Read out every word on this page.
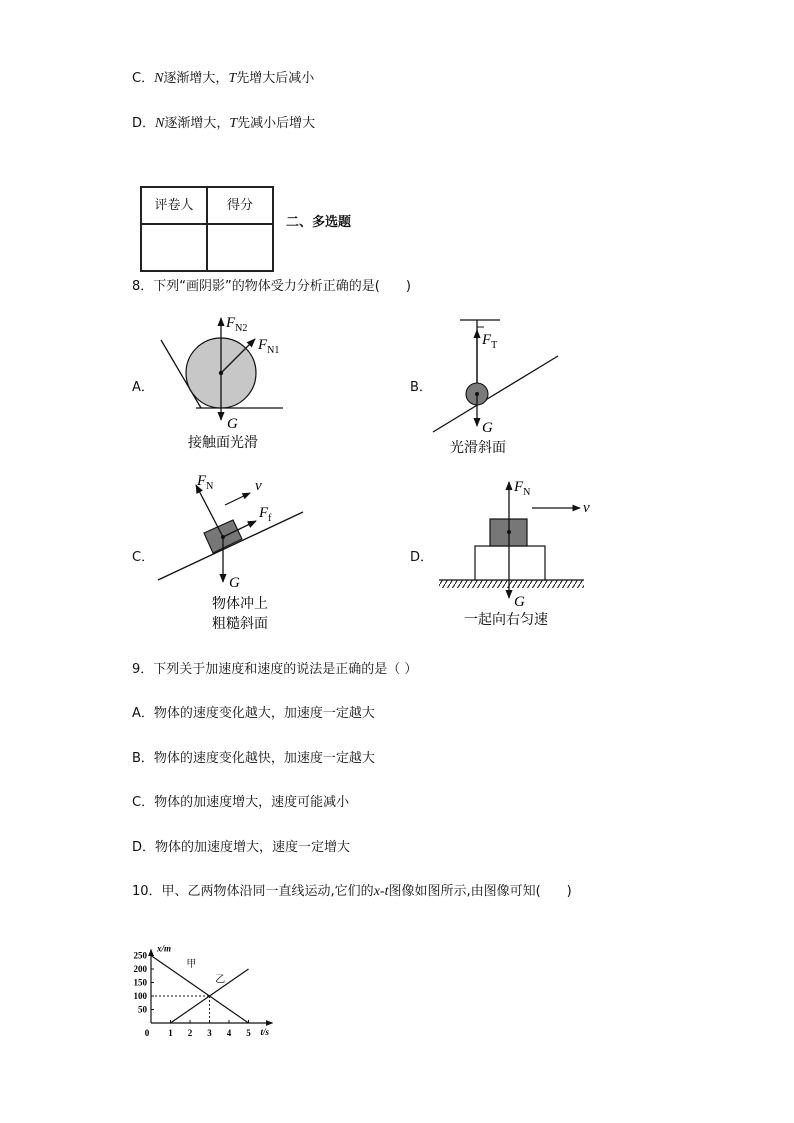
C．N逐渐增大，T先增大后减小
D．N逐渐增大，T先减小后增大
评卷人	得分

二、多选题
8．下列“画阴影”的物体受力分析正确的是(　　)
A．	B．
C．	D．
$F_{N2}$
$F_{N1}$
G
接触面光滑
$F_T$
G
光滑斜面
$F_N$
$F_f$
v
G
物体冲上
粗糙斜面
$F_N$
v
G
一起向右匀速
9．下列关于加速度和速度的说法是正确的是（ ）
A．物体的速度变化越大，加速度一定越大
B．物体的速度变化越快，加速度一定越大
C．物体的加速度增大，速度可能减小
D．物体的加速度增大，速度一定增大
10．甲、乙两物体沿同一直线运动,它们的x-t图像如图所示,由图像可知(　　)
0 1 2 3 4 5
50
100
150
200
250
甲
乙
t/s
x/m
